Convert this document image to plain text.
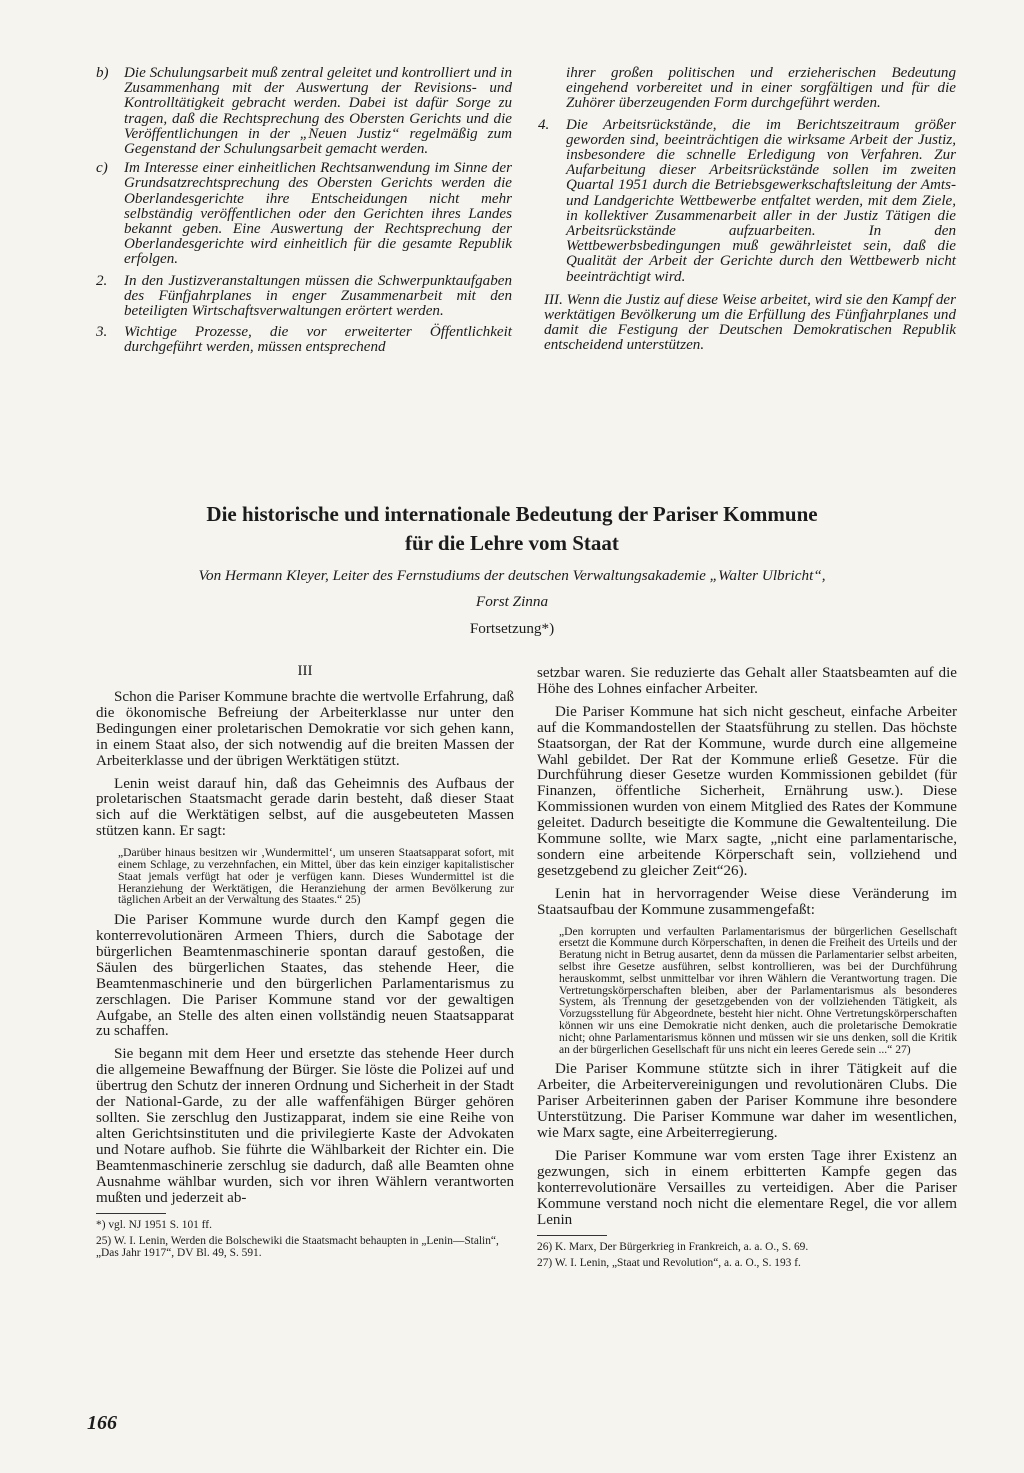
b) Die Schulungsarbeit muß zentral geleitet und kontrolliert und in Zusammenhang mit der Auswertung der Revisions- und Kontrolltätigkeit gebracht werden. Dabei ist dafür Sorge zu tragen, daß die Rechtsprechung des Obersten Gerichts und die Veröffentlichungen in der „Neuen Justiz“ regelmäßig zum Gegenstand der Schulungsarbeit gemacht werden.

c) Im Interesse einer einheitlichen Rechtsanwendung im Sinne der Grundsatzrechtsprechung des Obersten Gerichts werden die Oberlandesgerichte ihre Entscheidungen nicht mehr selbständig veröffentlichen oder den Gerichten ihres Landes bekannt geben. Eine Auswertung der Rechtsprechung der Oberlandesgerichte wird einheitlich für die gesamte Republik erfolgen.

2. In den Justizveranstaltungen müssen die Schwerpunktaufgaben des Fünfjahrplanes in enger Zusammenarbeit mit den beteiligten Wirtschaftsverwaltungen erörtert werden.

3. Wichtige Prozesse, die vor erweiterter Öffentlichkeit durchgeführt werden, müssen entsprechend

ihrer großen politischen und erzieherischen Bedeutung eingehend vorbereitet und in einer sorgfältigen und für die Zuhörer überzeugenden Form durchgeführt werden.

4. Die Arbeitsrückstände, die im Berichtszeitraum größer geworden sind, beeinträchtigen die wirksame Arbeit der Justiz, insbesondere die schnelle Erledigung von Verfahren. Zur Aufarbeitung dieser Arbeitsrückstände sollen im zweiten Quartal 1951 durch die Betriebsgewerkschaftsleitung der Amts- und Landgerichte Wettbewerbe entfaltet werden, mit dem Ziele, in kollektiver Zusammenarbeit aller in der Justiz Tätigen die Arbeitsrückstände aufzuarbeiten. In den Wettbewerbsbedingungen muß gewährleistet sein, daß die Qualität der Arbeit der Gerichte durch den Wettbewerb nicht beeinträchtigt wird.

III. Wenn die Justiz auf diese Weise arbeitet, wird sie den Kampf der werktätigen Bevölkerung um die Erfüllung des Fünfjahrplanes und damit die Festigung der Deutschen Demokratischen Republik entscheidend unterstützen.

Die historische und internationale Bedeutung der Pariser Kommune
für die Lehre vom Staat
Von Hermann Kleyer, Leiter des Fernstudiums der deutschen Verwaltungsakademie „Walter Ulbricht“,
Forst Zinna
Fortsetzung*)

III

Schon die Pariser Kommune brachte die wertvolle Erfahrung, daß die ökonomische Befreiung der Arbeiterklasse nur unter den Bedingungen einer proletarischen Demokratie vor sich gehen kann, in einem Staat also, der sich notwendig auf die breiten Massen der Arbeiterklasse und der übrigen Werktätigen stützt.

Lenin weist darauf hin, daß das Geheimnis des Aufbaus der proletarischen Staatsmacht gerade darin besteht, daß dieser Staat sich auf die Werktätigen selbst, auf die ausgebeuteten Massen stützen kann. Er sagt:

„Darüber hinaus besitzen wir ‚Wundermittel‘, um unseren Staatsapparat sofort, mit einem Schlage, zu verzehnfachen, ein Mittel, über das kein einziger kapitalistischer Staat jemals verfügt hat oder je verfügen kann. Dieses Wundermittel ist die Heranziehung der Werktätigen, die Heranziehung der armen Bevölkerung zur täglichen Arbeit an der Verwaltung des Staates.“ 25)

Die Pariser Kommune wurde durch den Kampf gegen die konterrevolutionären Armeen Thiers, durch die Sabotage der bürgerlichen Beamtenmaschinerie spontan darauf gestoßen, die Säulen des bürgerlichen Staates, das stehende Heer, die Beamtenmaschinerie und den bürgerlichen Parlamentarismus zu zerschlagen. Die Pariser Kommune stand vor der gewaltigen Aufgabe, an Stelle des alten einen vollständig neuen Staatsapparat zu schaffen.

Sie begann mit dem Heer und ersetzte das stehende Heer durch die allgemeine Bewaffnung der Bürger. Sie löste die Polizei auf und übertrug den Schutz der inneren Ordnung und Sicherheit in der Stadt der National-Garde, zu der alle waffenfähigen Bürger gehören sollten. Sie zerschlug den Justizapparat, indem sie eine Reihe von alten Gerichtsinstituten und die privilegierte Kaste der Advokaten und Notare aufhob. Sie führte die Wählbarkeit der Richter ein. Die Beamtenmaschinerie zerschlug sie dadurch, daß alle Beamten ohne Ausnahme wählbar wurden, sich vor ihren Wählern verantworten mußten und jederzeit ab-

*) vgl. NJ 1951 S. 101 ff.

25) W. I. Lenin, Werden die Bolschewiki die Staatsmacht behaupten in „Lenin—Stalin“, „Das Jahr 1917“, DV Bl. 49, S. 591.

setzbar waren. Sie reduzierte das Gehalt aller Staatsbeamten auf die Höhe des Lohnes einfacher Arbeiter.

Die Pariser Kommune hat sich nicht gescheut, einfache Arbeiter auf die Kommandostellen der Staatsführung zu stellen. Das höchste Staatsorgan, der Rat der Kommune, wurde durch eine allgemeine Wahl gebildet. Der Rat der Kommune erließ Gesetze. Für die Durchführung dieser Gesetze wurden Kommissionen gebildet (für Finanzen, öffentliche Sicherheit, Ernährung usw.). Diese Kommissionen wurden von einem Mitglied des Rates der Kommune geleitet. Dadurch beseitigte die Kommune die Gewaltenteilung. Die Kommune sollte, wie Marx sagte, „nicht eine parlamentarische, sondern eine arbeitende Körperschaft sein, vollziehend und gesetzgebend zu gleicher Zeit“26).

Lenin hat in hervorragender Weise diese Veränderung im Staatsaufbau der Kommune zusammengefaßt:

„Den korrupten und verfaulten Parlamentarismus der bürgerlichen Gesellschaft ersetzt die Kommune durch Körperschaften, in denen die Freiheit des Urteils und der Beratung nicht in Betrug ausartet, denn da müssen die Parlamentarier selbst arbeiten, selbst ihre Gesetze ausführen, selbst kontrollieren, was bei der Durchführung herauskommt, selbst unmittelbar vor ihren Wählern die Verantwortung tragen. Die Vertretungskörperschaften bleiben, aber der Parlamentarismus als besonderes System, als Trennung der gesetzgebenden von der vollziehenden Tätigkeit, als Vorzugsstellung für Abgeordnete, besteht hier nicht. Ohne Vertretungskörperschaften können wir uns eine Demokratie nicht denken, auch die proletarische Demokratie nicht; ohne Parlamentarismus können und müssen wir sie uns denken, soll die Kritik an der bürgerlichen Gesellschaft für uns nicht ein leeres Gerede sein ...“ 27)

Die Pariser Kommune stützte sich in ihrer Tätigkeit auf die Arbeiter, die Arbeitervereinigungen und revolutionären Clubs. Die Pariser Arbeiterinnen gaben der Pariser Kommune ihre besondere Unterstützung. Die Pariser Kommune war daher im wesentlichen, wie Marx sagte, eine Arbeiterregierung.

Die Pariser Kommune war vom ersten Tage ihrer Existenz an gezwungen, sich in einem erbitterten Kampfe gegen das konterrevolutionäre Versailles zu verteidigen. Aber die Pariser Kommune verstand noch nicht die elementare Regel, die vor allem Lenin

26) K. Marx, Der Bürgerkrieg in Frankreich, a. a. O., S. 69.

27) W. I. Lenin, „Staat und Revolution“, a. a. O., S. 193 f.

166
